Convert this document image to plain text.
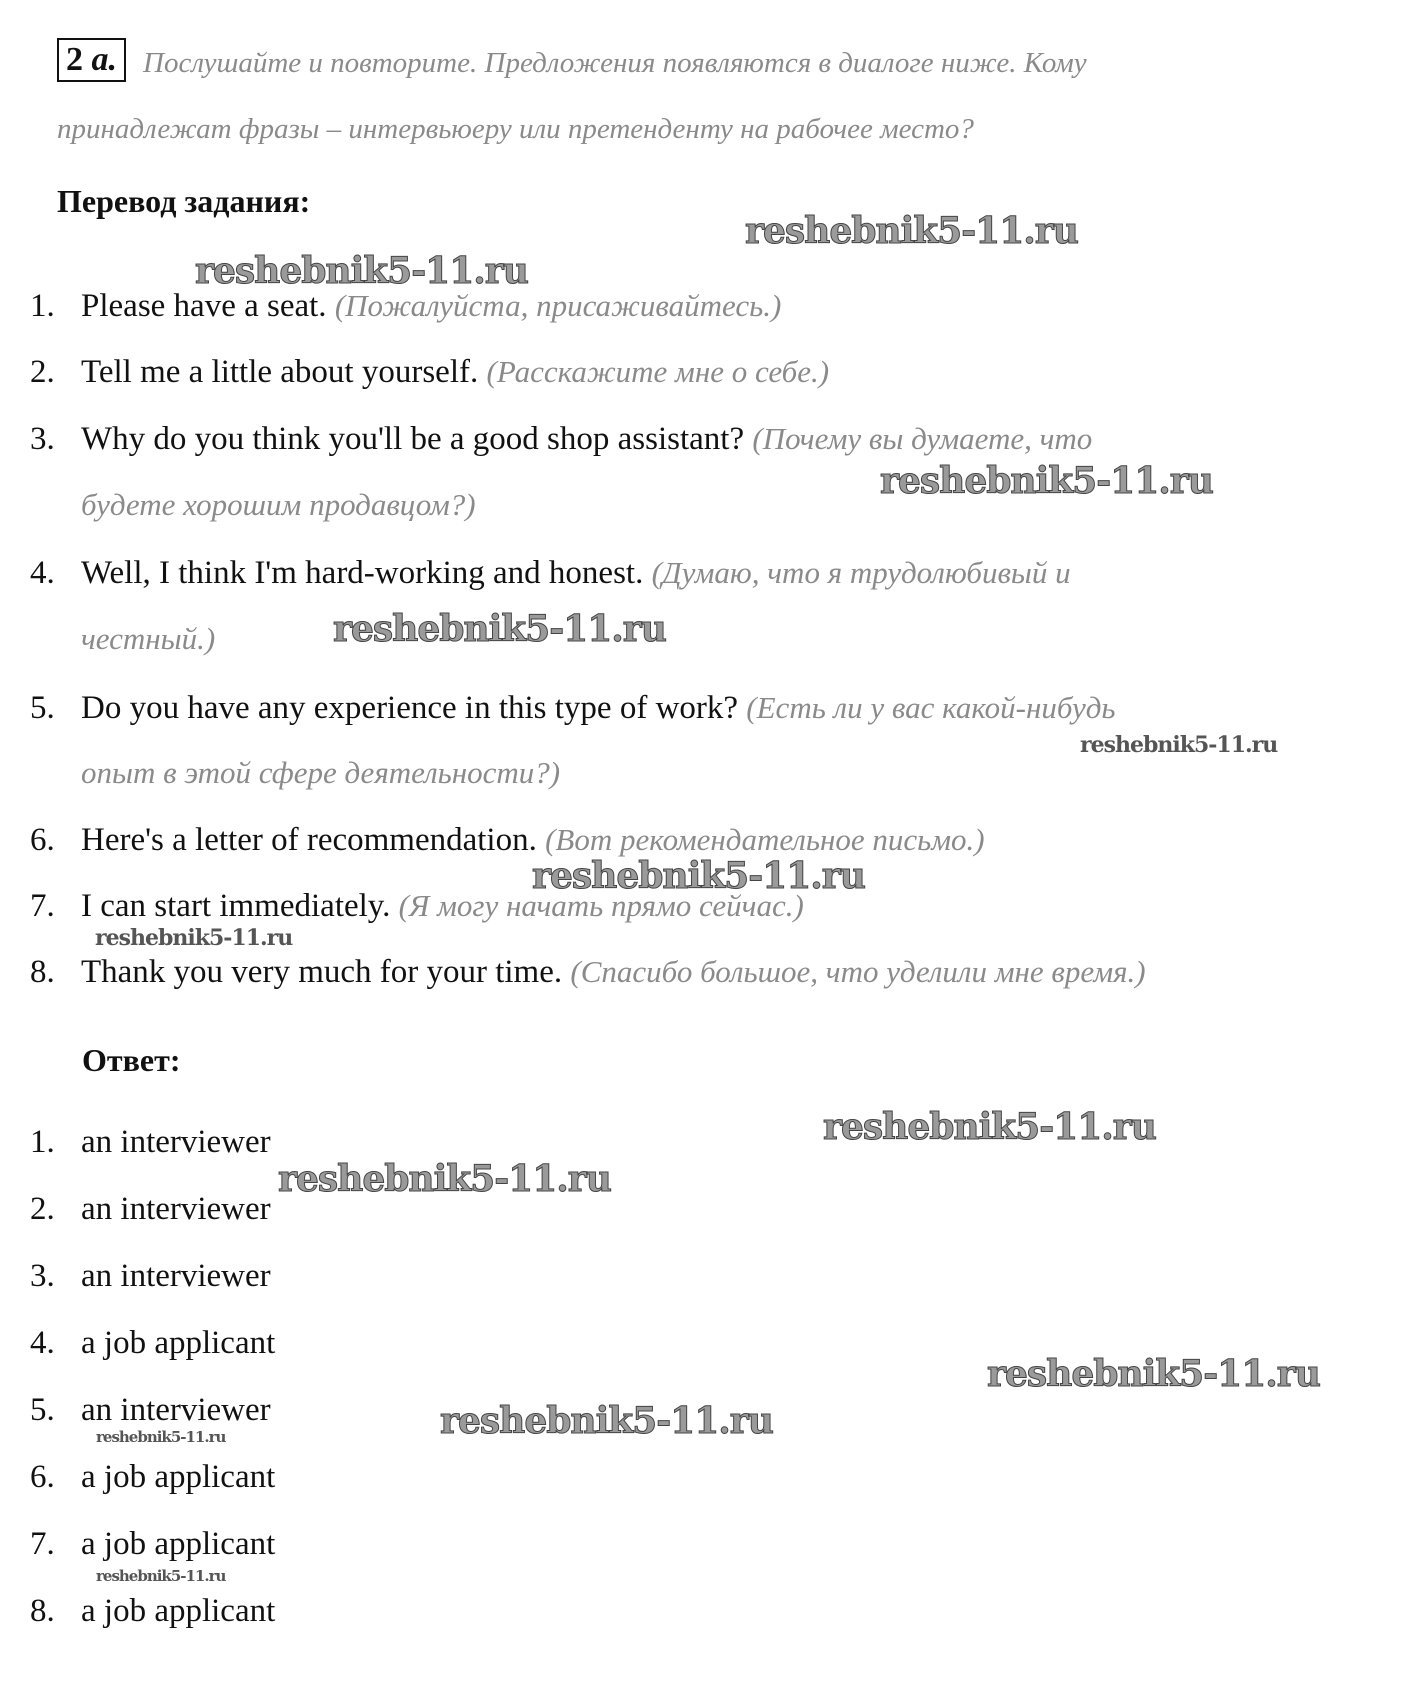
2 a. Послушайте и повторите. Предложения появляются в диалоге ниже. Кому
принадлежат фразы – интервьюеру или претенденту на рабочее место?
Перевод задания:
1. Please have a seat. (Пожалуйста, присаживайтесь.)
2. Tell me a little about yourself. (Расскажите мне о себе.)
3. Why do you think you'll be a good shop assistant? (Почему вы думаете, что
будете хорошим продавцом?)
4. Well, I think I'm hard-working and honest. (Думаю, что я трудолюбивый и
честный.)
5. Do you have any experience in this type of work? (Есть ли у вас какой-нибудь
опыт в этой сфере деятельности?)
6. Here's a letter of recommendation. (Вот рекомендательное письмо.)
7. I can start immediately. (Я могу начать прямо сейчас.)
8. Thank you very much for your time. (Спасибо большое, что уделили мне время.)
Ответ:
1. an interviewer
2. an interviewer
3. an interviewer
4. a job applicant
5. an interviewer
6. a job applicant
7. a job applicant
8. a job applicant
reshebnik5-11.ru
reshebnik5-11.ru
reshebnik5-11.ru
reshebnik5-11.ru
reshebnik5-11.ru
reshebnik5-11.ru
reshebnik5-11.ru
reshebnik5-11.ru
reshebnik5-11.ru
reshebnik5-11.ru
reshebnik5-11.ru
reshebnik5-11.ru
reshebnik5-11.ru
